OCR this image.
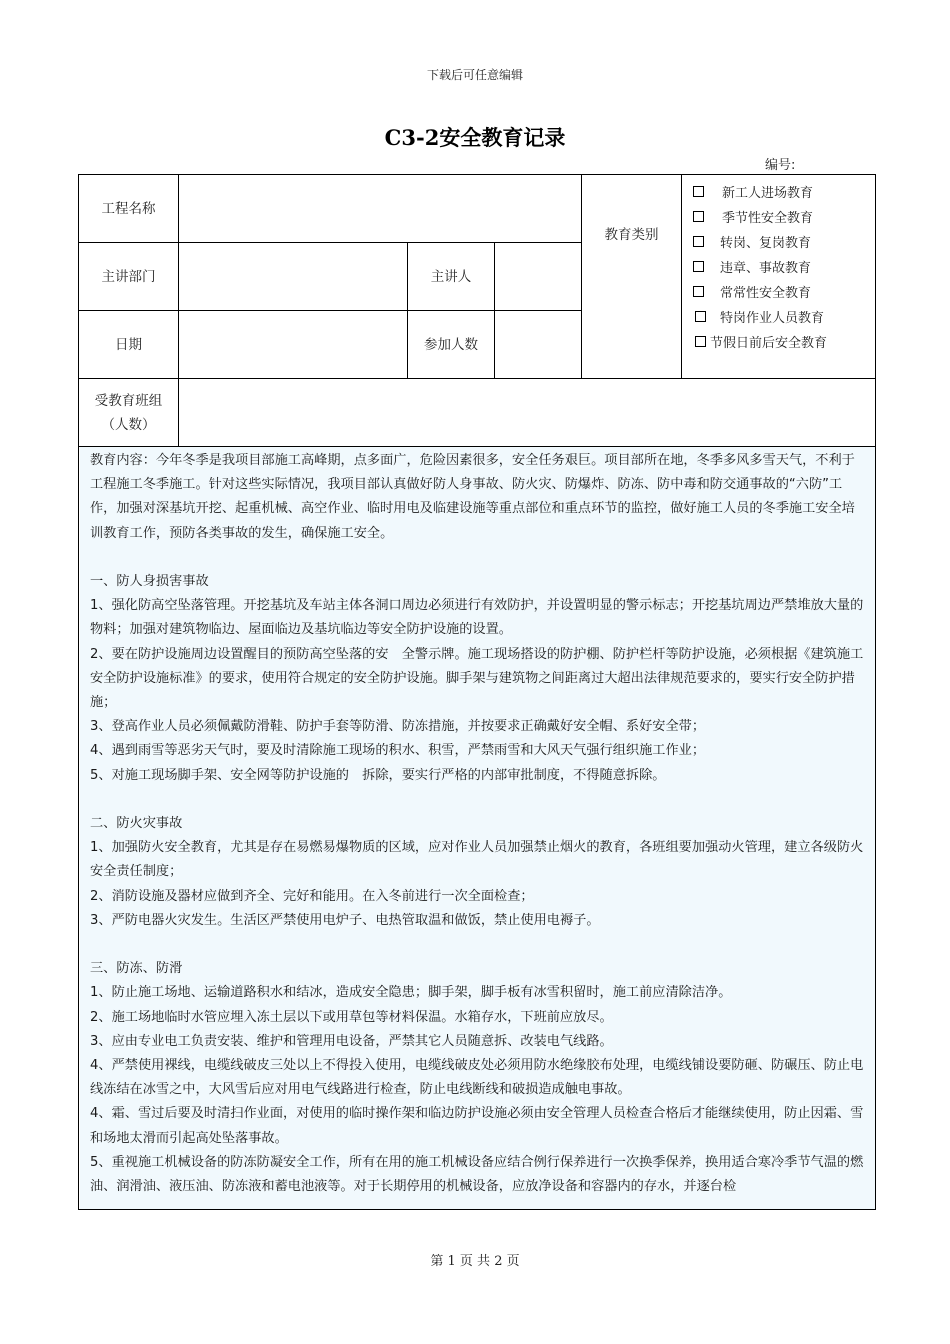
下载后可任意编辑
C3-2安全教育记录
编号:
工程名称
主讲部门	主讲人
日期	参加人数
教育类别
受教育班组
（人数）
新工人进场教育
季节性安全教育
转岗、复岗教育
违章、事故教育
常常性安全教育
特岗作业人员教育
节假日前后安全教育

教育内容：今年冬季是我项目部施工高峰期，点多面广，危险因素很多，安全任务艰巨。项目部所在地，冬季多风多雪天气，不利于工程施工冬季施工。针对这些实际情况，我项目部认真做好防人身事故、防火灾、防爆炸、防冻、防中毒和防交通事故的“六防”工作，加强对深基坑开挖、起重机械、高空作业、临时用电及临建设施等重点部位和重点环节的监控，做好施工人员的冬季施工安全培训教育工作，预防各类事故的发生，确保施工安全。

一、防人身损害事故

1、强化防高空坠落管理。开挖基坑及车站主体各洞口周边必须进行有效防护，并设置明显的警示标志；开挖基坑周边严禁堆放大量的物料；加强对建筑物临边、屋面临边及基坑临边等安全防护设施的设置。

2、要在防护设施周边设置醒目的预防高空坠落的安　全警示牌。施工现场搭设的防护棚、防护栏杆等防护设施，必须根据《建筑施工安全防护设施标准》的要求，使用符合规定的安全防护设施。脚手架与建筑物之间距离过大超出法律规范要求的，要实行安全防护措施；

3、登高作业人员必须佩戴防滑鞋、防护手套等防滑、防冻措施，并按要求正确戴好安全帽、系好安全带；

4、遇到雨雪等恶劣天气时，要及时清除施工现场的积水、积雪，严禁雨雪和大风天气强行组织施工作业；

5、对施工现场脚手架、安全网等防护设施的　拆除，要实行严格的内部审批制度，不得随意拆除。

二、防火灾事故

1、加强防火安全教育，尤其是存在易燃易爆物质的区域，应对作业人员加强禁止烟火的教育，各班组要加强动火管理，建立各级防火安全责任制度；

2、消防设施及器材应做到齐全、完好和能用。在入冬前进行一次全面检查；

3、严防电器火灾发生。生活区严禁使用电炉子、电热管取温和做饭，禁止使用电褥子。

三、防冻、防滑

1、防止施工场地、运输道路积水和结冰，造成安全隐患；脚手架，脚手板有冰雪积留时，施工前应清除洁净。

2、施工场地临时水管应埋入冻土层以下或用草包等材料保温。水箱存水，下班前应放尽。

3、应由专业电工负责安装、维护和管理用电设备，严禁其它人员随意拆、改装电气线路。

4、严禁使用裸线，电缆线破皮三处以上不得投入使用，电缆线破皮处必须用防水绝缘胶布处理，电缆线铺设要防砸、防碾压、防止电线冻结在冰雪之中，大风雪后应对用电气线路进行检查，防止电线断线和破损造成触电事故。

4、霜、雪过后要及时清扫作业面，对使用的临时操作架和临边防护设施必须由安全管理人员检查合格后才能继续使用，防止因霜、雪和场地太滑而引起高处坠落事故。

5、重视施工机械设备的防冻防凝安全工作，所有在用的施工机械设备应结合例行保养进行一次换季保养，换用适合寒冷季节气温的燃油、润滑油、液压油、防冻液和蓄电池液等。对于长期停用的机械设备，应放净设备和容器内的存水，并逐台检

第 1 页 共 2 页
